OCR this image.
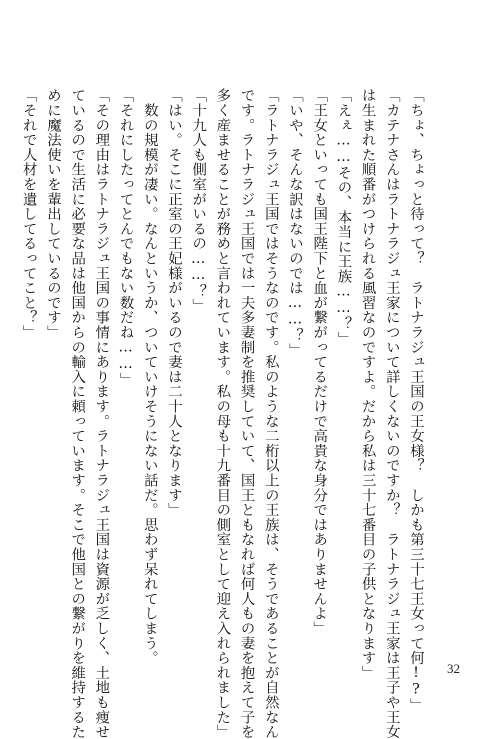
「ちょ、ちょっと待って？　ラトナラジュ王国の王女様？　しかも第三十七王女って何!?」
「カテナさんはラトナラジュ王家について詳しくないのですか？　ラトナラジュ王家は王子や王女
は生まれた順番がつけられる風習なのですよ。だから私は三十七番目の子供となります」
「えぇ……その、本当に王族……？」
「王女といっても国王陛下と血が繋がってるだけで高貴な身分ではありませんよ」
「いや、そんな訳はないのでは……？」
「ラトナラジュ王国ではそうなのです。私のような二桁以上の王族は、そうであることが自然なん
です。ラトナラジュ王国では一夫多妻制を推奨していて、国王ともなれば何人もの妻を抱えて子を
多く産ませることが務めと言われています。私の母も十九番目の側室として迎え入れられました」
「十九人も側室がいるの……？」
「はい。そこに正室の王妃様がいるので妻は二十人となります」
　数の規模が凄い。なんというか、ついていけそうにない話だ。思わず呆れてしまう。
「それにしたってとんでもない数だね……」
「その理由はラトナラジュ王国の事情にあります。ラトナラジュ王国は資源が乏しく、土地も痩せ
ているので生活に必要な品は他国からの輸入に頼っています。そこで他国との繋がりを維持するた
めに魔法使いを輩出しているのです」
「それで人材を遺してるってこと？」
32
